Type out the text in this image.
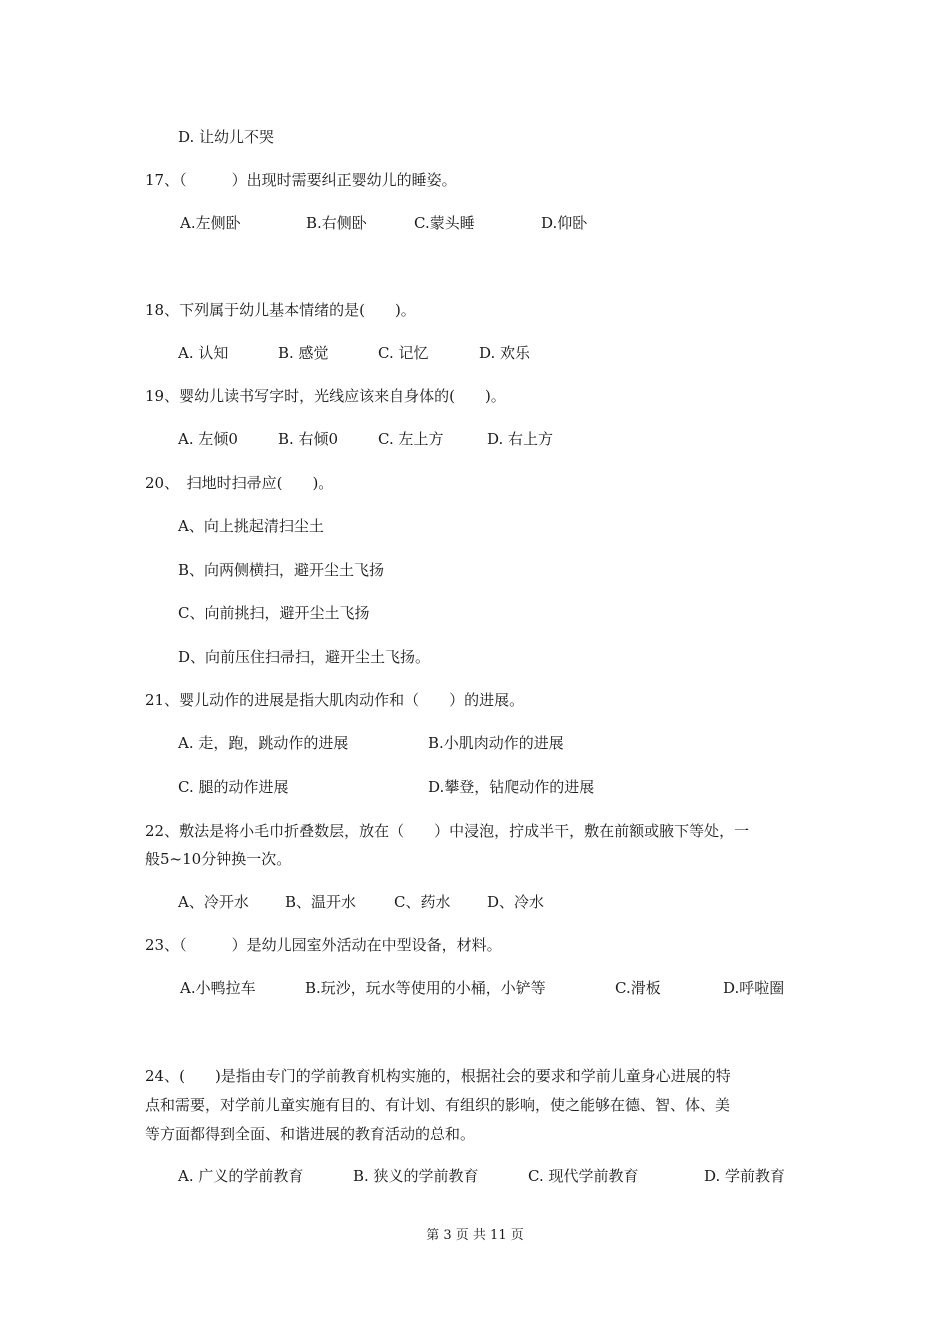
D. 让幼儿不哭
17、（　　　）出现时需要纠正婴幼儿的睡姿。
A.左侧卧	B.右侧卧	C.蒙头睡	D.仰卧
18、下列属于幼儿基本情绪的是(　　)。
A. 认知	B. 感觉	C. 记忆	D. 欢乐
19、婴幼儿读书写字时，光线应该来自身体的(　　)。
A. 左倾0	B. 右倾0	C. 左上方	D. 右上方
20、　扫地时扫帚应(　　)。
A、向上挑起清扫尘土
B、向两侧横扫，避开尘土飞扬
C、向前挑扫，避开尘土飞扬
D、向前压住扫帚扫，避开尘土飞扬。
21、婴儿动作的进展是指大肌肉动作和（　　）的进展。
A. 走，跑，跳动作的进展	B.小肌肉动作的进展
C. 腿的动作进展	D.攀登，钻爬动作的进展
22、敷法是将小毛巾折叠数层，放在（　　）中浸泡，拧成半干，敷在前额或腋下等处，一
般5~10分钟换一次。
A、冷开水 B、温开水	C、药水 D、冷水
23、（　　　）是幼儿园室外活动在中型设备，材料。
A.小鸭拉车	B.玩沙，玩水等使用的小桶，小铲等	C.滑板	D.呼啦圈
24、(　　)是指由专门的学前教育机构实施的，根据社会的要求和学前儿童身心进展的特
点和需要，对学前儿童实施有目的、有计划、有组织的影响，使之能够在德、智、体、美
等方面都得到全面、和谐进展的教育活动的总和。
A. 广义的学前教育	B. 狭义的学前教育	C. 现代学前教育	D. 学前教育
第 3 页 共 11 页
